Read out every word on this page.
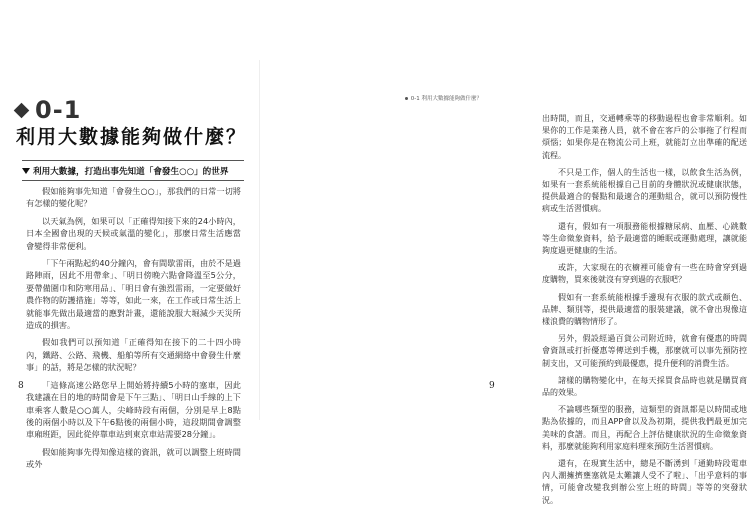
0-1
利用大數據能夠做什麼？
利用大數據，打造出事先知道「會發生○○」的世界

假如能夠事先知道「會發生○○」，那我們的日常一切將有怎樣的變化呢？

以天氣為例，如果可以「正確得知接下來的24小時內，日本全國會出現的天候或氣溫的變化」，那麼日常生活應當會變得非常便利。

「下午兩點起約40分鐘內，會有間歇雷雨，由於不是過路陣雨，因此不用帶傘」、「明日傍晚六點會降溫至5公分，要帶備圍巾和防寒用品」、「明日會有強烈雷雨，一定要做好農作物的防護措施」等等，如此一來，在工作或日常生活上就能事先做出最適當的應對計畫，還能說服大堀減少天災所造成的損害。

假如我們可以預知道「正確得知在接下的二十四小時內，鐵路、公路、飛機、船舶等所有交通網絡中會發生什麼事」的話，將是怎樣的狀況呢？

「這條高速公路您早上開始將持續5小時的塞車，因此我建議在目的地的時間會是下午三點」、「明日山手線的上下車乘客人數是○○萬人，尖峰時段有兩個，分別是早上8點後的兩個小時以及下午6點後的兩個小時，這段期間會調整車廂班距，因此從停靠車站到東京車站需要28分鐘」。

假如能夠事先得知像這樣的資訊，就可以調整上班時間或外

8
0-1 利用大數據能夠做什麼？

出時間，而且，交通轉乘等的移動過程也會非常順利。如果你的工作是業務人員，就不會在客戶的公事拖了行程而煩惱；如果你是在物流公司上班，就能訂立出準確的配送流程。

不只是工作，個人的生活也一樣，以飲食生活為例，如果有一套系統能根據自己目前的身體狀況或健康狀態，提供最適合的餐點和最適合的運動組合，就可以預防慢性病或生活習慣病。

還有，假如有一項服務能根據糖尿病、血壓、心跳數等生命徵象資料，給予最適當的睡眠或運動處理，讓就能夠度過更健康的生活。

或許，大家現在的衣櫥裡可能會有一些在時會穿到過度購物，買來後就沒有穿到過的衣服吧？

假如有一套系統能根據手邊現有衣服的款式或顏色、品牌、類別等，提供最適當的服裝建議，就不會出現像這樣浪費的購物情形了。

另外，假設經過百貨公司附近時，就會有優惠的時間會資訊或打折優惠等傳送到手機，那麼就可以事先預防控制支出，又可能預約到最優惠，提升便利的消費生活。

諸樣的購物變化中，在每天採買食品時也就是購買商品的效果。

不論哪些類型的服務，這類型的資訊都是以時間或地點為依據的，而且APP會以及為初期，提供我們最更加完美味的食譜。而且，再配合上評估健康狀況的生命徵象資料，那麼就能夠利用家庭料理來預防生活習慣病。

還有，在現實生活中，總是不斷湧到「通勤時段電車內人潮擁擠壅塞就是太難讓人受不了啦」、「出乎意料的事情，可能會改變我到辦公室上班的時間」等等的突發狀況。

9
